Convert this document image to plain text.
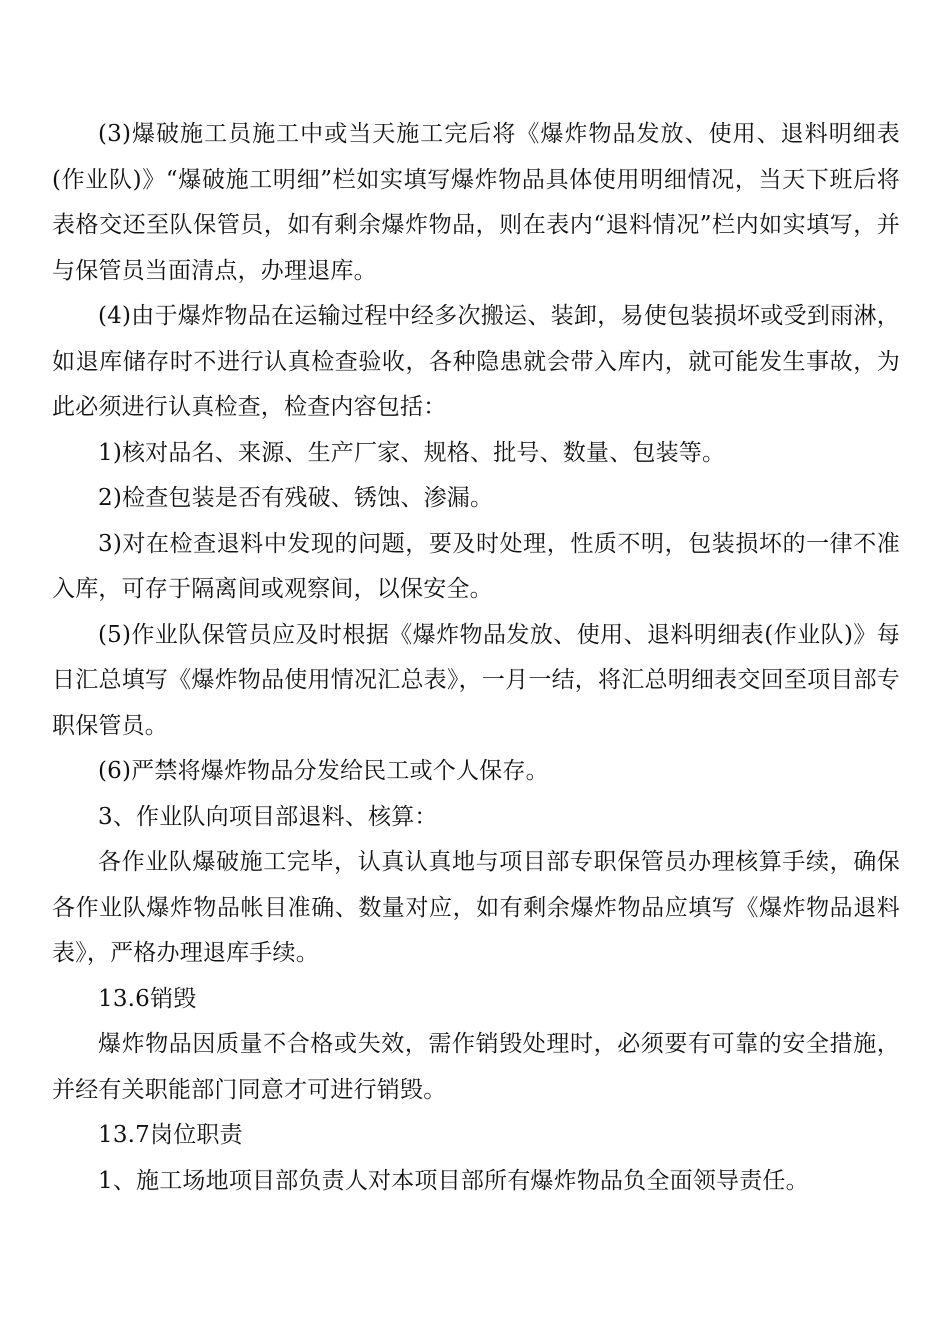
(3)爆破施工员施工中或当天施工完后将《爆炸物品发放、使用、退料明细表(作业队)》“爆破施工明细”栏如实填写爆炸物品具体使用明细情况，当天下班后将表格交还至队保管员，如有剩余爆炸物品，则在表内“退料情况”栏内如实填写，并与保管员当面清点，办理退库。

(4)由于爆炸物品在运输过程中经多次搬运、装卸，易使包装损坏或受到雨淋，如退库储存时不进行认真检查验收，各种隐患就会带入库内，就可能发生事故，为此必须进行认真检查，检查内容包括：

1)核对品名、来源、生产厂家、规格、批号、数量、包装等。

2)检查包装是否有残破、锈蚀、渗漏。

3)对在检查退料中发现的问题，要及时处理，性质不明，包装损坏的一律不准入库，可存于隔离间或观察间，以保安全。

(5)作业队保管员应及时根据《爆炸物品发放、使用、退料明细表(作业队)》每日汇总填写《爆炸物品使用情况汇总表》，一月一结，将汇总明细表交回至项目部专职保管员。

(6)严禁将爆炸物品分发给民工或个人保存。

3、作业队向项目部退料、核算：

各作业队爆破施工完毕，认真认真地与项目部专职保管员办理核算手续，确保各作业队爆炸物品帐目准确、数量对应，如有剩余爆炸物品应填写《爆炸物品退料表》，严格办理退库手续。

13.6销毁

爆炸物品因质量不合格或失效，需作销毁处理时，必须要有可靠的安全措施，并经有关职能部门同意才可进行销毁。

13.7岗位职责

1、施工场地项目部负责人对本项目部所有爆炸物品负全面领导责任。
